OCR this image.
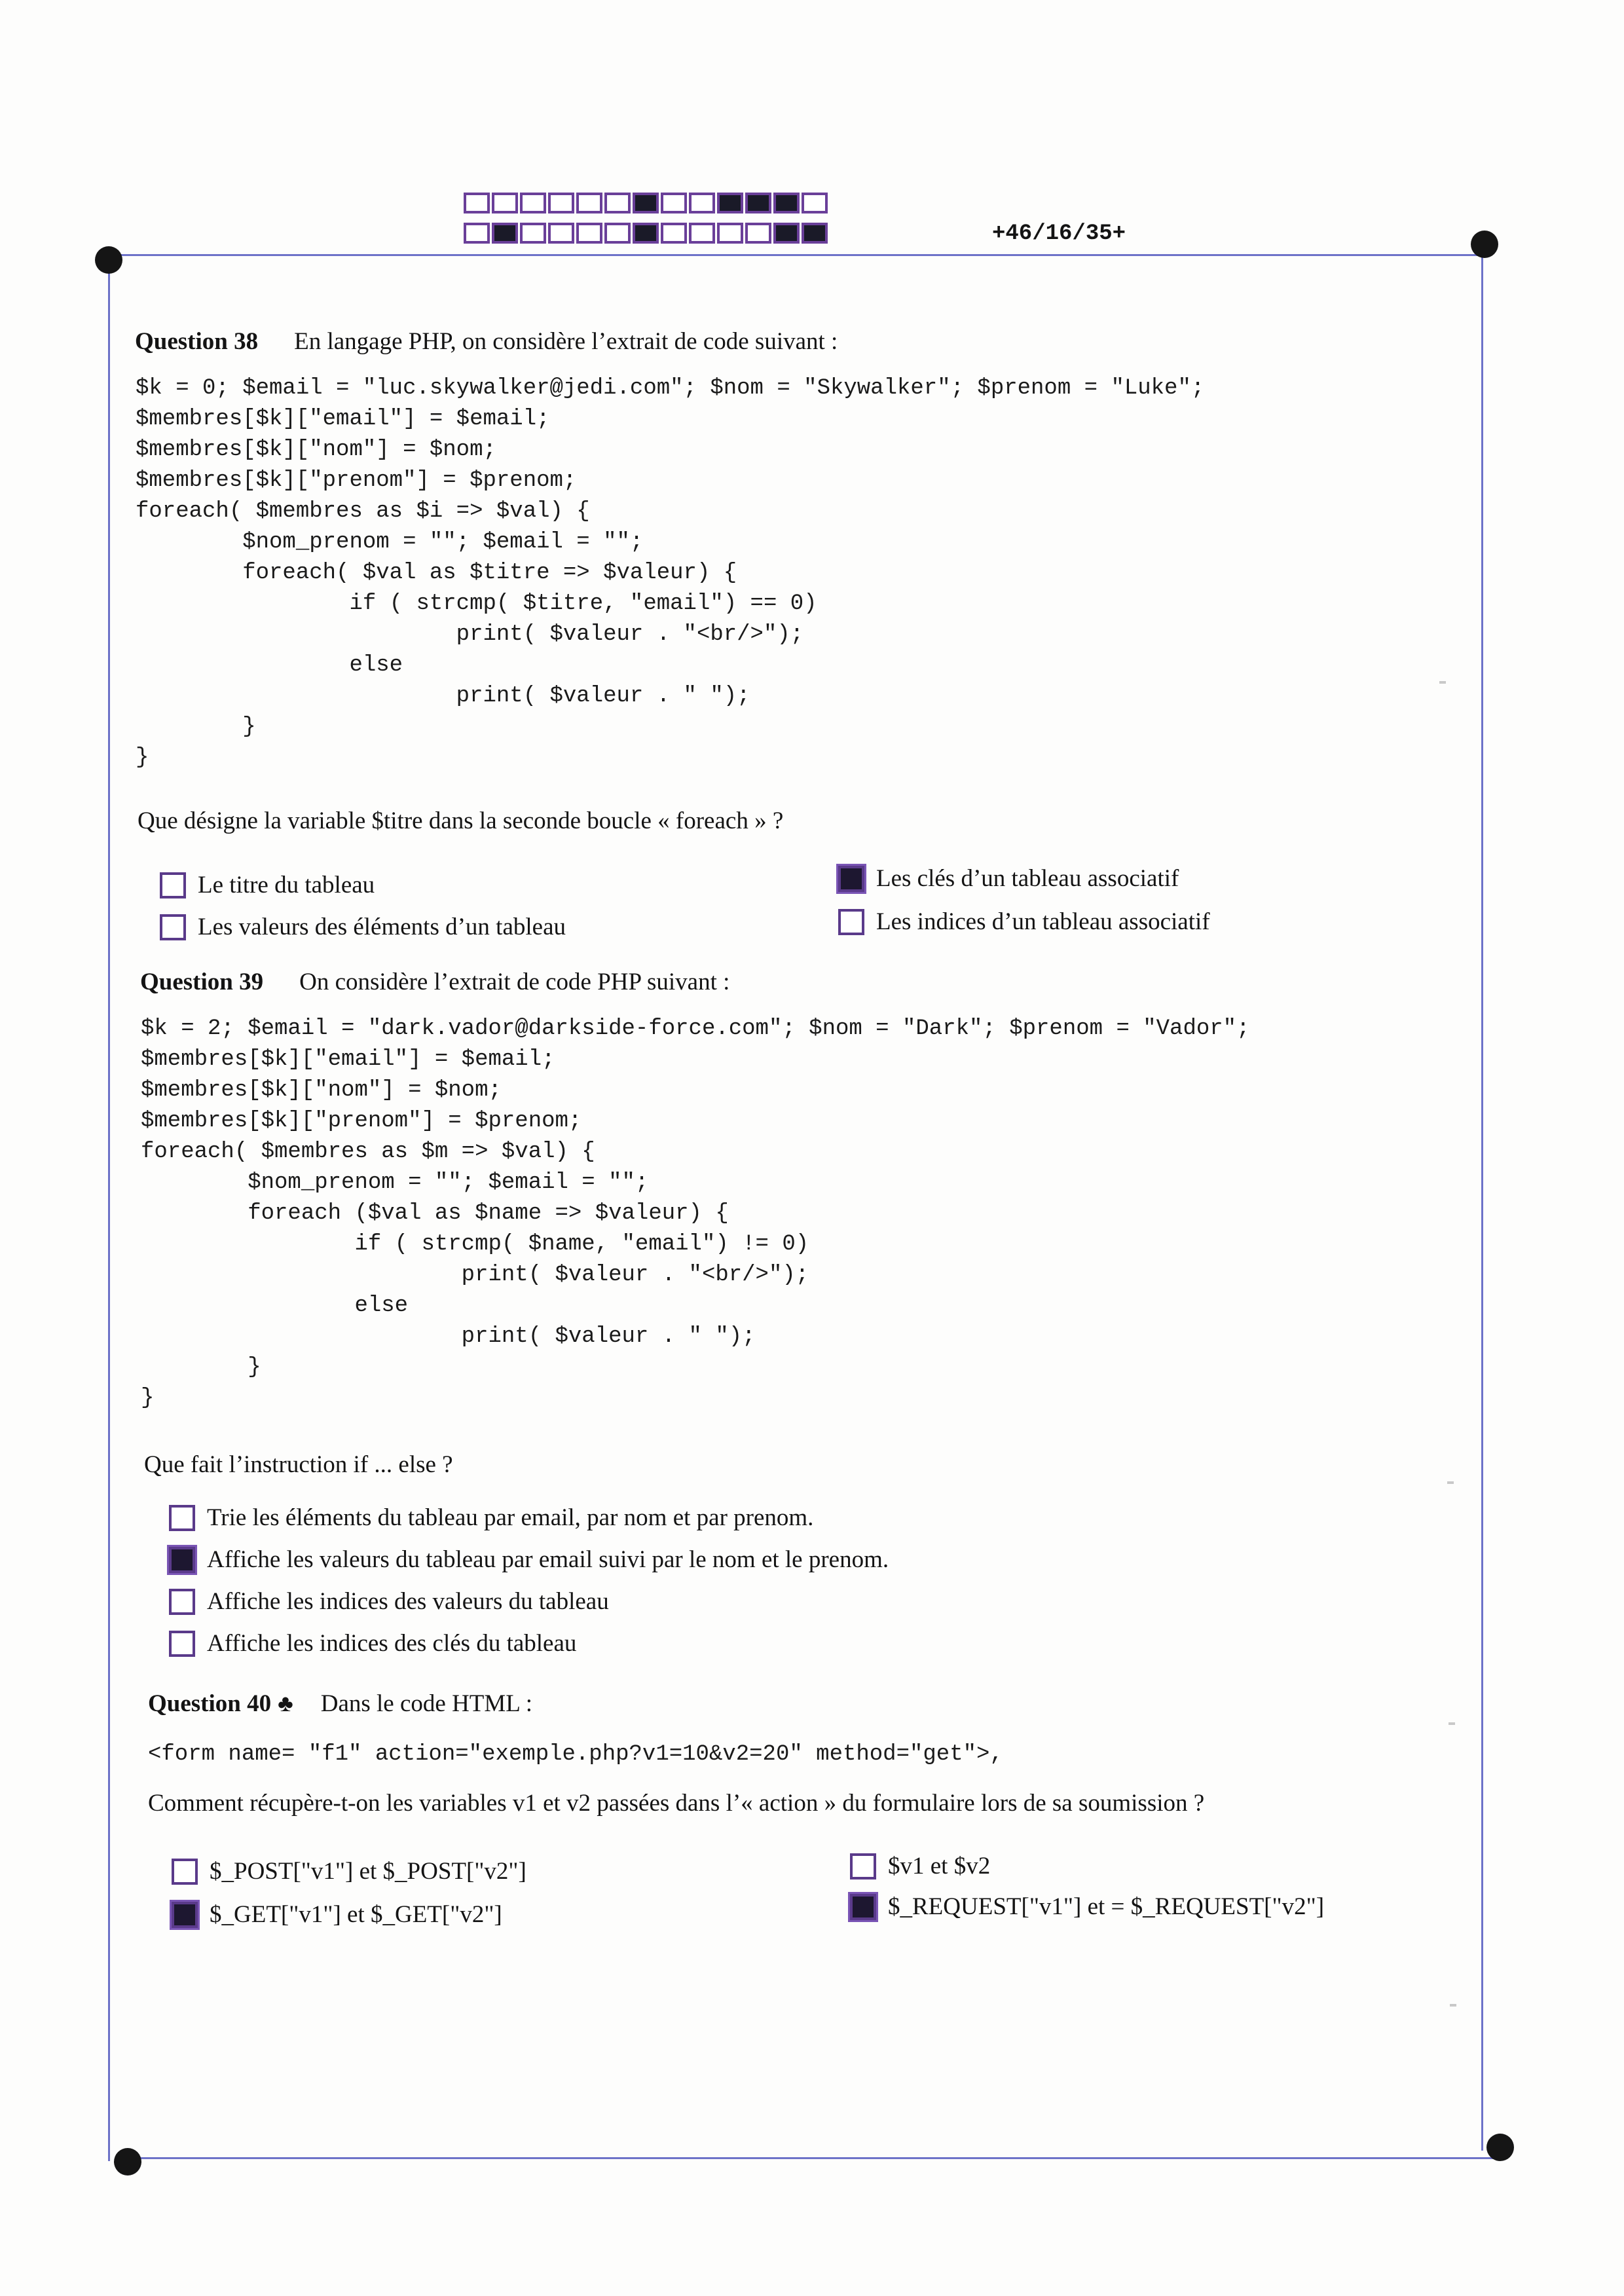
+46/16/35+
Question 38 En langage PHP, on considère l’extrait de code suivant :
$k = 0; $email = "luc.skywalker@jedi.com"; $nom = "Skywalker"; $prenom = "Luke";
$membres[$k]["email"] = $email;
$membres[$k]["nom"] = $nom;
$membres[$k]["prenom"] = $prenom;
foreach( $membres as $i => $val) {
$nom_prenom = ""; $email = "";
foreach( $val as $titre => $valeur) {
if ( strcmp( $titre, "email") == 0)
print( $valeur . "<br/>");
else
print( $valeur . " ");
}
}
Que désigne la variable $titre dans la seconde boucle « foreach » ?
Le titre du tableau
Les valeurs des éléments d’un tableau
Les clés d’un tableau associatif
Les indices d’un tableau associatif
Question 39 On considère l’extrait de code PHP suivant :
$k = 2; $email = "dark.vador@darkside-force.com"; $nom = "Dark"; $prenom = "Vador";
$membres[$k]["email"] = $email;
$membres[$k]["nom"] = $nom;
$membres[$k]["prenom"] = $prenom;
foreach( $membres as $m => $val) {
$nom_prenom = ""; $email = "";
foreach ($val as $name => $valeur) {
if ( strcmp( $name, "email") != 0)
print( $valeur . "<br/>");
else
print( $valeur . " ");
}
}
Que fait l’instruction if ... else ?
Trie les éléments du tableau par email, par nom et par prenom.
Affiche les valeurs du tableau par email suivi par le nom et le prenom.
Affiche les indices des valeurs du tableau
Affiche les indices des clés du tableau
Question 40 ♣ Dans le code HTML :
<form name= "f1" action="exemple.php?v1=10&v2=20" method="get">,
Comment récupère-t-on les variables v1 et v2 passées dans l’« action » du formulaire lors de sa soumission ?
$_POST["v1"] et $_POST["v2"]
$_GET["v1"] et $_GET["v2"]
$v1 et $v2
$_REQUEST["v1"] et = $_REQUEST["v2"]
